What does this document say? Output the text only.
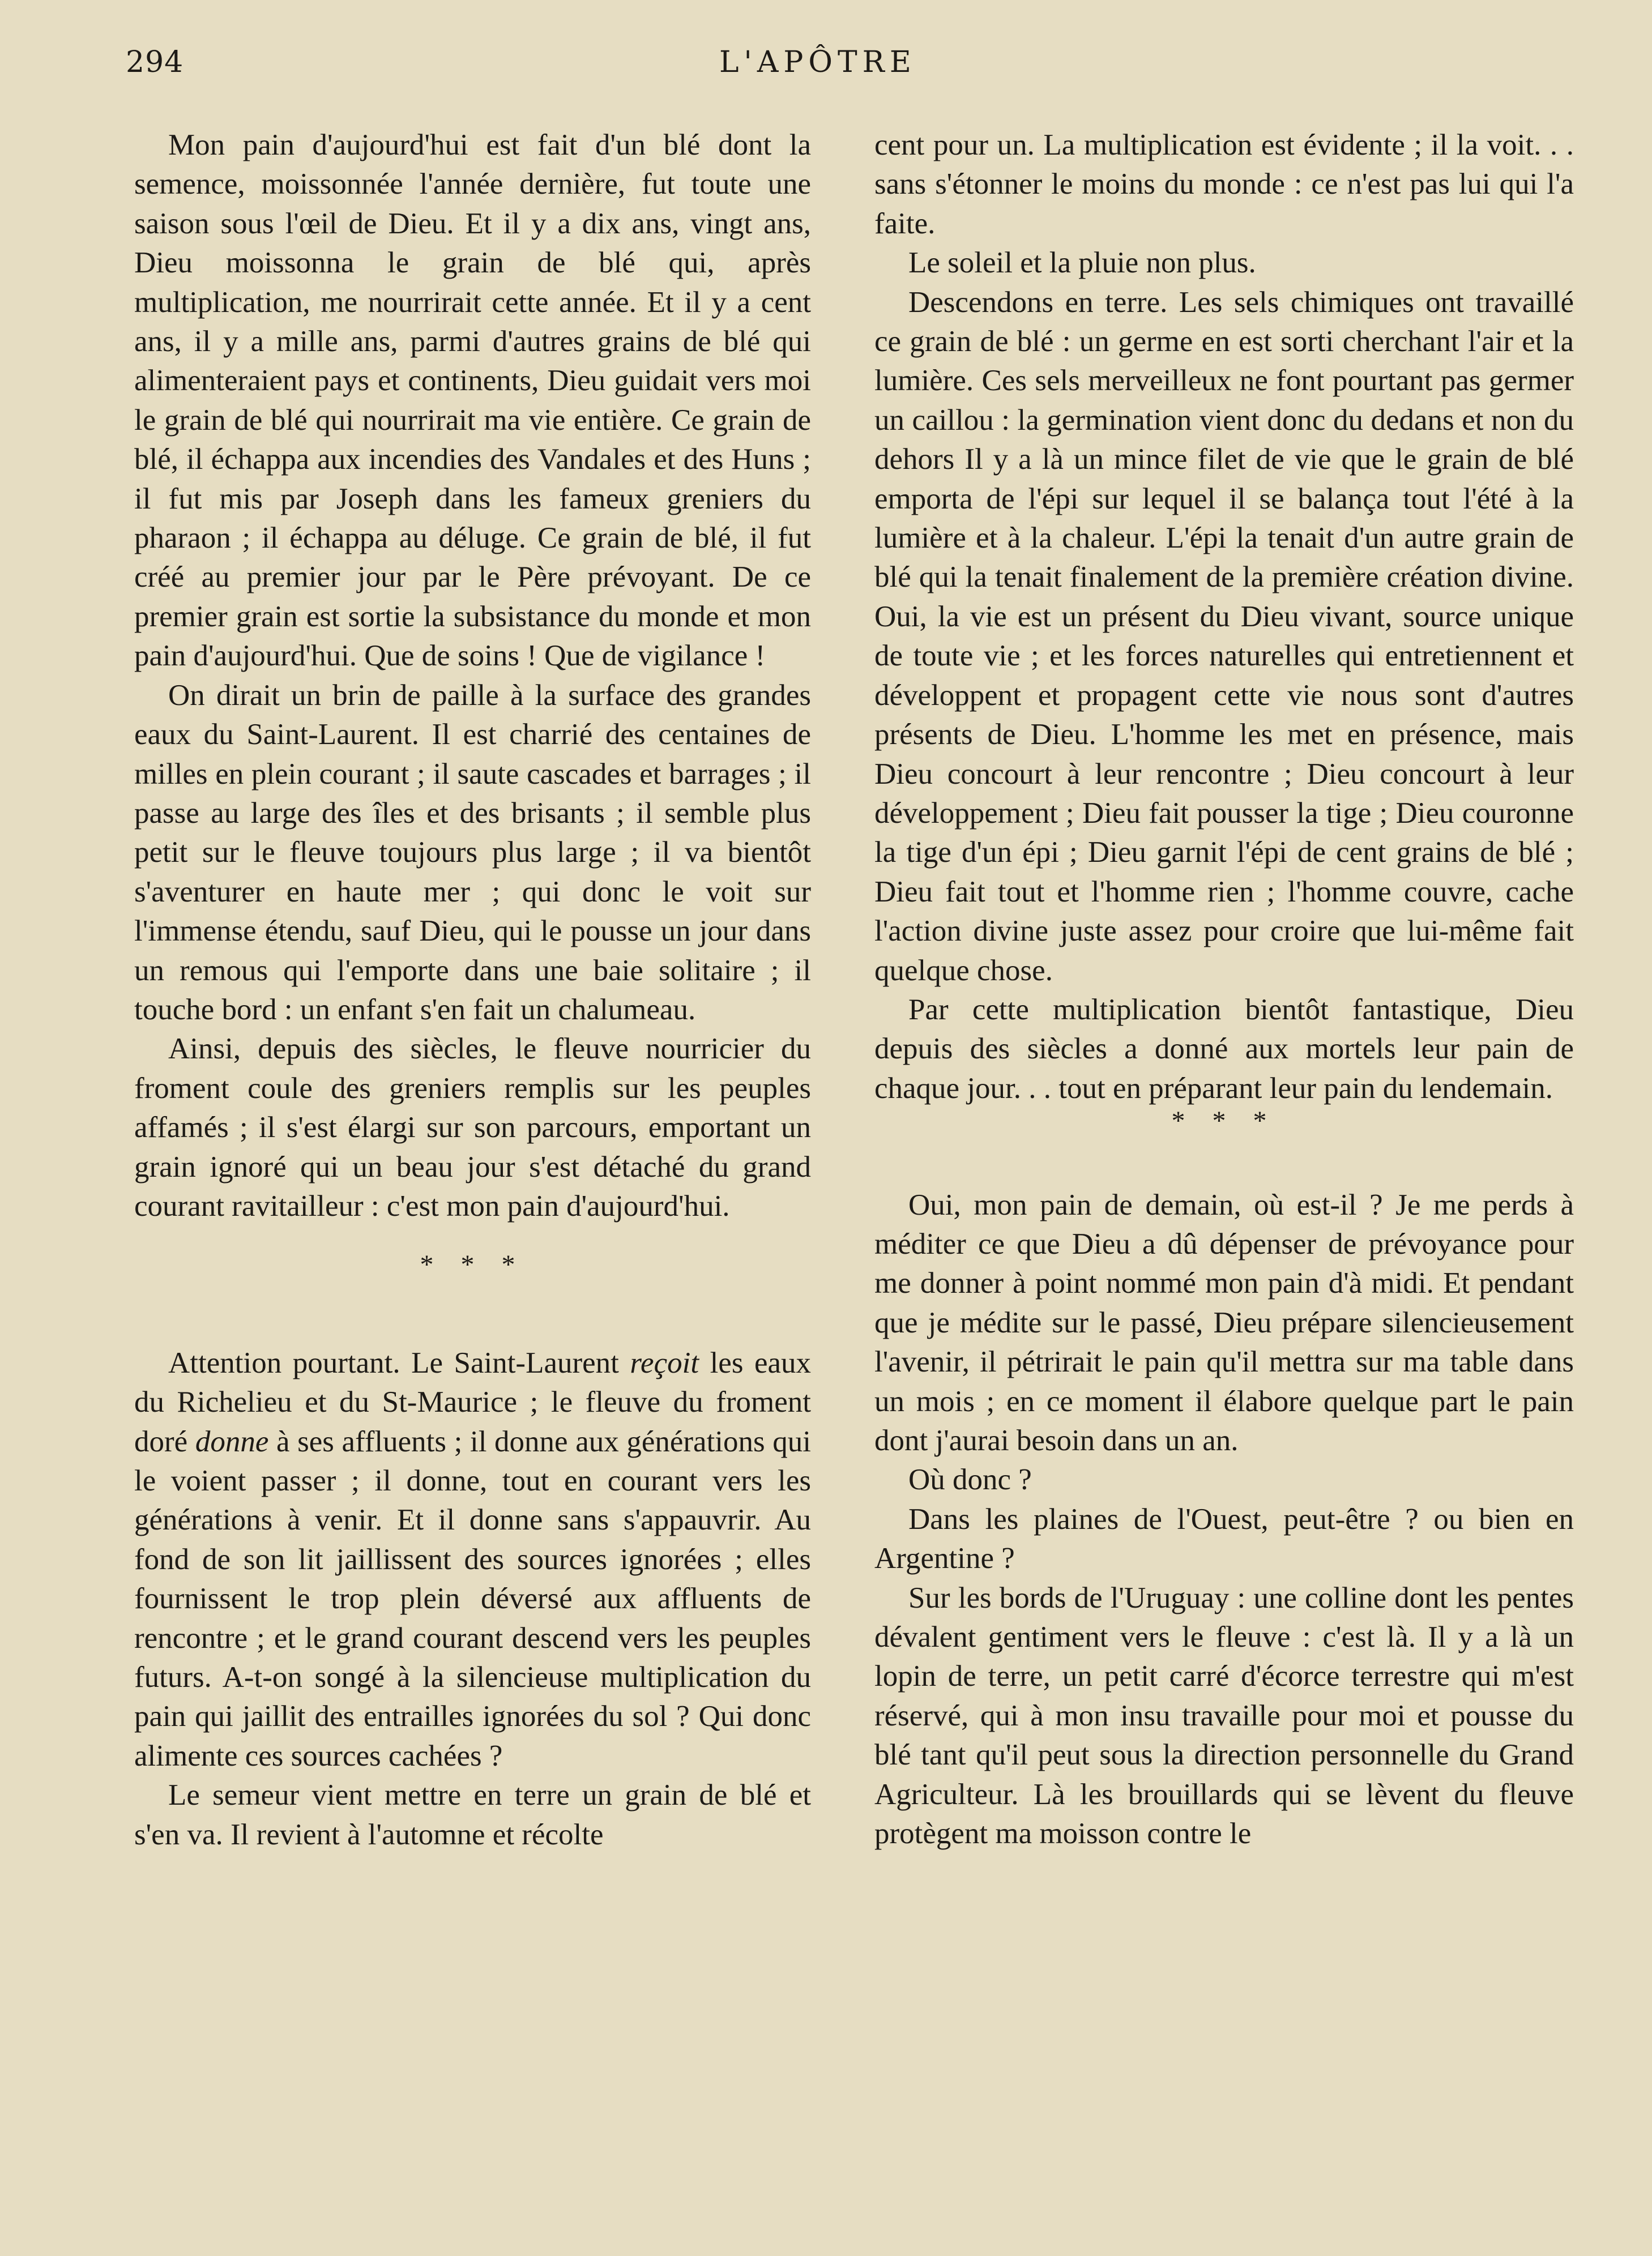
294	L'APÔTRE

Mon pain d'aujourd'hui est fait d'un blé dont la semence, moissonnée l'année dernière, fut toute une saison sous l'œil de Dieu. Et il y a dix ans, vingt ans, Dieu moissonna le grain de blé qui, après multiplication, me nourrirait cette année. Et il y a cent ans, il y a mille ans, parmi d'autres grains de blé qui alimenteraient pays et continents, Dieu guidait vers moi le grain de blé qui nourrirait ma vie entière. Ce grain de blé, il échappa aux incendies des Vandales et des Huns ; il fut mis par Joseph dans les fameux greniers du pharaon ; il échappa au déluge. Ce grain de blé, il fut créé au premier jour par le Père prévoyant. De ce premier grain est sortie la subsistance du monde et mon pain d'aujourd'hui. Que de soins ! Que de vigilance !

On dirait un brin de paille à la surface des grandes eaux du Saint-Laurent. Il est charrié des centaines de milles en plein courant ; il saute cascades et barrages ; il passe au large des îles et des brisants ; il semble plus petit sur le fleuve toujours plus large ; il va bientôt s'aventurer en haute mer ; qui donc le voit sur l'immense étendu, sauf Dieu, qui le pousse un jour dans un remous qui l'emporte dans une baie solitaire ; il touche bord : un enfant s'en fait un chalumeau.

Ainsi, depuis des siècles, le fleuve nourricier du froment coule des greniers remplis sur les peuples affamés ; il s'est élargi sur son parcours, emportant un grain ignoré qui un beau jour s'est détaché du grand courant ravitailleur : c'est mon pain d'aujourd'hui.

* * *

Attention pourtant. Le Saint-Laurent reçoit les eaux du Richelieu et du St-Maurice ; le fleuve du froment doré donne à ses affluents ; il donne aux générations qui le voient passer ; il donne, tout en courant vers les générations à venir. Et il donne sans s'appauvrir. Au fond de son lit jaillissent des sources ignorées ; elles fournissent le trop plein déversé aux affluents de rencontre ; et le grand courant descend vers les peuples futurs. A-t-on songé à la silencieuse multiplication du pain qui jaillit des entrailles ignorées du sol ? Qui donc alimente ces sources cachées ?

Le semeur vient mettre en terre un grain de blé et s'en va. Il revient à l'automne et récolte

cent pour un. La multiplication est évidente ; il la voit. . . sans s'étonner le moins du monde : ce n'est pas lui qui l'a faite.

Le soleil et la pluie non plus.

Descendons en terre. Les sels chimiques ont travaillé ce grain de blé : un germe en est sorti cherchant l'air et la lumière. Ces sels merveilleux ne font pourtant pas germer un caillou : la germination vient donc du dedans et non du dehors Il y a là un mince filet de vie que le grain de blé emporta de l'épi sur lequel il se balança tout l'été à la lumière et à la chaleur. L'épi la tenait d'un autre grain de blé qui la tenait finalement de la première création divine. Oui, la vie est un présent du Dieu vivant, source unique de toute vie ; et les forces naturelles qui entretiennent et développent et propagent cette vie nous sont d'autres présents de Dieu. L'homme les met en présence, mais Dieu concourt à leur rencontre ; Dieu concourt à leur développement ; Dieu fait pousser la tige ; Dieu couronne la tige d'un épi ; Dieu garnit l'épi de cent grains de blé ; Dieu fait tout et l'homme rien ; l'homme couvre, cache l'action divine juste assez pour croire que lui-même fait quelque chose.

Par cette multiplication bientôt fantastique, Dieu depuis des siècles a donné aux mortels leur pain de chaque jour. . . tout en préparant leur pain du lendemain.

* * *

Oui, mon pain de demain, où est-il ? Je me perds à méditer ce que Dieu a dû dépenser de prévoyance pour me donner à point nommé mon pain d'à midi. Et pendant que je médite sur le passé, Dieu prépare silencieusement l'avenir, il pétrirait le pain qu'il mettra sur ma table dans un mois ; en ce moment il élabore quelque part le pain dont j'aurai besoin dans un an.

Où donc ?

Dans les plaines de l'Ouest, peut-être ? ou bien en Argentine ?

Sur les bords de l'Uruguay : une colline dont les pentes dévalent gentiment vers le fleuve : c'est là. Il y a là un lopin de terre, un petit carré d'écorce terrestre qui m'est réservé, qui à mon insu travaille pour moi et pousse du blé tant qu'il peut sous la direction personnelle du Grand Agriculteur. Là les brouillards qui se lèvent du fleuve protègent ma moisson contre le
